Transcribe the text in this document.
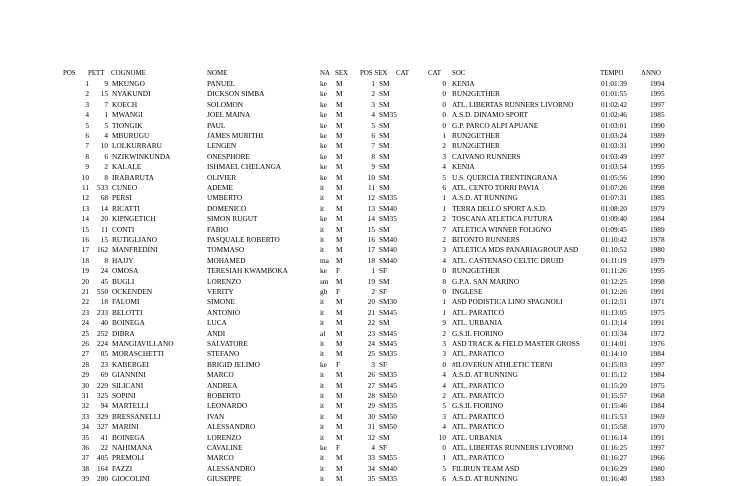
POS PETT COGNOME	NOME	NA SEX POS SEX CAT	CAT SOC	TEMPO	ANNO
1	9 MKUNGO	PANUEL	ke M	1 SM	0 KENIA	01:01:39	1994
2	15 NYAKUNDI	DICKSON SIMBA	ke M	2 SM	0 RUN2GETHER	01:01:55	1995
3	7 KOECH	SOLOMON	ke M	3 SM	0 ATL. LIBERTAS RUNNERS LIVORNO	01:02:42	1997
4	1 MWANGI	JOEL MAINA	ke M	4 SM35	0 A.S.D. DINAMO SPORT	01:02:46	1985
5	5 TIONGIK	PAUL	ke M	5 SM	0 G.P. PARCO ALPI APUANE	01:03:01	1990
6	4 MBURUGU	JAMES MURITHI	ke M	6 SM	1 RUN2GETHER	01:03:24	1989
7	10 LOLKURRARU	LENGEN	ke M	7 SM	2 RUN2GETHER	01:03:31	1990
8	6 NZIKWINKUNDA	ONESPHORE	ke M	8 SM	3 CAIVANO RUNNERS	01:03:49	1997
9	2 KALALE	ISHMAEL CHELANGA	ke M	9 SM	4 KENIA	01:03:54	1995
10	8 IRABARUTA	OLIVIER	ke M	10 SM	5 U.S. QUERCIA TRENTINGRANA	01:05:56	1990
11	533 CUNEO	ADEME	it M	11 SM	6 ATL. CENTO TORRI PAVIA	01:07:26	1998
12	68 PERSI	UMBERTO	it M	12 SM35	1 A.S.D. AT RUNNING	01:07:31	1985
13	14 RICATTI	DOMENICO	it M	13 SM40	1 TERRA DELLO SPORT A.S.D.	01:08:20	1979
14	20 KIPNGETICH	SIMON RUGUT	ke M	14 SM35	2 TOSCANA ATLETICA FUTURA	01:09:40	1984
15	11 CONTI	FABIO	it M	15 SM	7 ATLETICA WINNER FOLIGNO	01:09:45	1989
16	15 RUTIGLIANO	PASQUALE ROBERTO	it M	16 SM40	2 BITONTO RUNNERS	01:10:42	1978
17	162 MANFREDINI	TOMMASO	it M	17 SM40	3 ATLETICA MDS PANARIAGROUP ASD	01:10:52	1980
18	8 HAJJY	MOHAMED	ma M	18 SM40	4 ATL. CASTENASO CELTIC DRUID	01:11:19	1979
19	24 OMOSA	TERESIAH KWAMBOKA	ke F	1 SF	0 RUN2GETHER	01:11:26	1995
20	45 BUGLI	LORENZO	sm M	19 SM	8 G.P.A. SAN MARINO	01:12:25	1998
21	550 OCKENDEN	VERITY	gb F	2 SF	0 INGLESE	01:12:26	1991
22	18 FALOMI	SIMONE	it M	20 SM30	1 ASD PODISTICA LINO SPAGNOLI	01:12:51	1971
23	233 BELOTTI	ANTONIO	it M	21 SM45	1 ATL. PARATICO	01:13:05	1975
24	40 BOINEGA	LUCA	it M	22 SM	9 ATL. URBANIA	01:13:14	1991
25	252 DIBRA	ANDI	al M	23 SM45	2 G.S.IL FIORINO	01:13:34	1972
26	224 MANGIAVILLANO	SALVATORE	it M	24 SM45	3 ASD TRACK & FIELD MASTER GROSS	01:14:01	1976
27	85 MORASCHETTI	STEFANO	it M	25 SM35	3 ATL. PARATICO	01:14:10	1984
28	23 KABERGEI	BRIGID JELIMO	ke F	3 SF	0 #ILOVERUN ATHLETIC TERNI	01:15:03	1997
29	69 GIANNINI	MARCO	it M	26 SM35	4 A.S.D. AT RUNNING	01:15:12	1984
30	229 SILICANI	ANDREA	it M	27 SM45	4 ATL. PARATICO	01:15:20	1975
31	325 SOPINI	ROBERTO	it M	28 SM50	2 ATL. PARATICO	01:15:57	1968
32	94 MARTELLI	LEONARDO	it M	29 SM35	5 G.S.IL FIORINO	01:15:46	1984
33	329 BRESSANELLI	IVAN	it M	30 SM50	3 ATL. PARATICO	01:15:53	1969
34	327 MARINI	ALESSANDRO	it M	31 SM50	4 ATL. PARATICO	01:15:58	1970
35	41 BOINEGA	LORENZO	it M	32 SM	10 ATL. URBANIA	01:16:14	1991
36	22 NAHIMANA	CAVALINE	ke F	4 SF	0 ATL. LIBERTAS RUNNERS LIVORNO	01:16:25	1997
37	405 PREMOLI	MARCO	it M	33 SM55	1 ATL. PARATICO	01:16:27	1966
38	164 FAZZI	ALESSANDRO	it M	34 SM40	5 FILIRUN TEAM ASD	01:16:29	1980
39	280 GIOCOLINI	GIUSEPPE	it M	35 SM35	6 A.S.D. AT RUNNING	01:16:40	1983
